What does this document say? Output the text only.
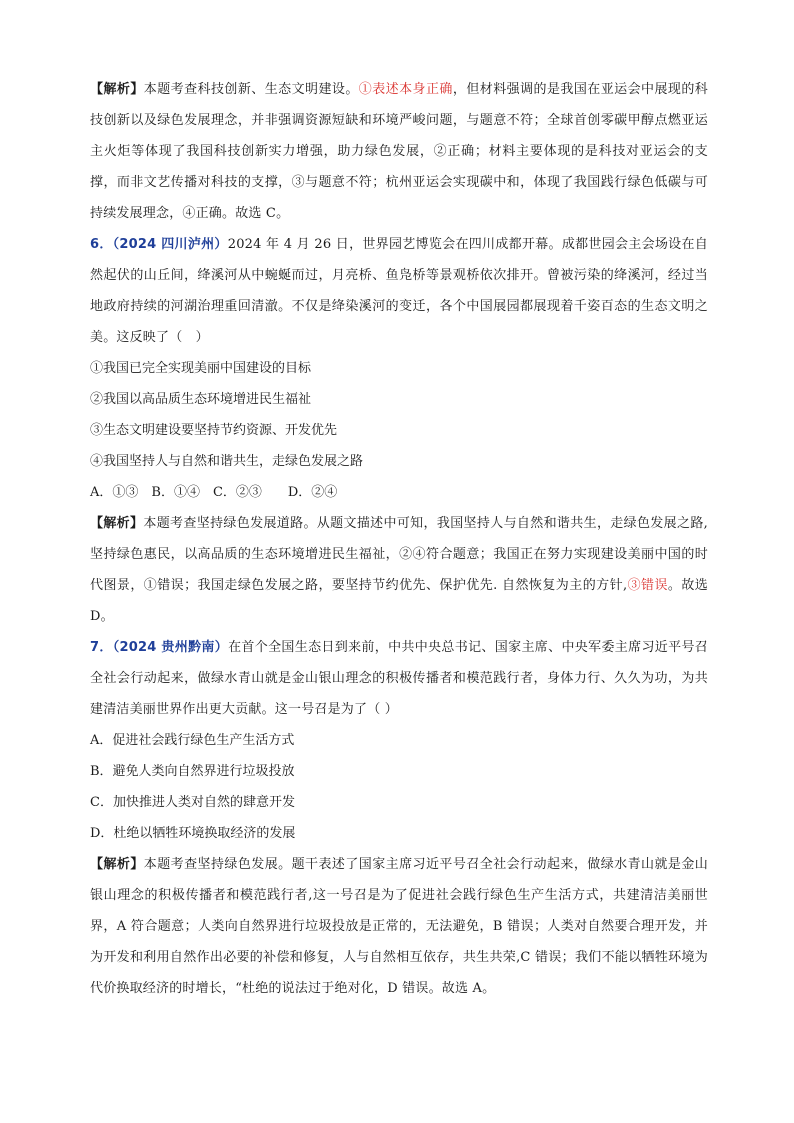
【解析】本题考查科技创新、生态文明建设。①表述本身正确，但材料强调的是我国在亚运会中展现的科技创新以及绿色发展理念，并非强调资源短缺和环境严峻问题，与题意不符；全球首创零碳甲醇点燃亚运主火炬等体现了我国科技创新实力增强，助力绿色发展，②正确；材料主要体现的是科技对亚运会的支撑，而非文艺传播对科技的支撑，③与题意不符；杭州亚运会实现碳中和，体现了我国践行绿色低碳与可持续发展理念，④正确。故选 C。

6．（2024 四川泸州）2024 年 4 月 26 日，世界园艺博览会在四川成都开幕。成都世园会主会场设在自然起伏的山丘间，绛溪河从中蜿蜒而过，月亮桥、鱼凫桥等景观桥依次排开。曾被污染的绛溪河，经过当地政府持续的河湖治理重回清澈。不仅是绛染溪河的变迁，各个中国展园都展现着千姿百态的生态文明之美。这反映了（　）

①我国已完全实现美丽中国建设的目标

②我国以高品质生态环境增进民生福祉

③生态文明建设要坚持节约资源、开发优先

④我国坚持人与自然和谐共生，走绿色发展之路

A．①③　B．①④　C．②③　　D．②④

【解析】本题考查坚持绿色发展道路。从题文描述中可知，我国坚持人与自然和谐共生，走绿色发展之路,坚持绿色惠民，以高品质的生态环境增进民生福祉，②④符合题意；我国正在努力实现建设美丽中国的时代图景，①错误；我国走绿色发展之路，要坚持节约优先、保护优先. 自然恢复为主的方针,③错误。故选 D。

7．（2024 贵州黔南）在首个全国生态日到来前，中共中央总书记、国家主席、中央军委主席习近平号召全社会行动起来，做绿水青山就是金山银山理念的积极传播者和模范践行者，身体力行、久久为功，为共建清洁美丽世界作出更大贡献。这一号召是为了（ ）

A．促进社会践行绿色生产生活方式

B．避免人类向自然界进行垃圾投放

C．加快推进人类对自然的肆意开发

D．杜绝以牺牲环境换取经济的发展

【解析】本题考查坚持绿色发展。题干表述了国家主席习近平号召全社会行动起来，做绿水青山就是金山银山理念的积极传播者和模范践行者,这一号召是为了促进社会践行绿色生产生活方式，共建清洁美丽世界，A 符合题意；人类向自然界进行垃圾投放是正常的，无法避免，B 错误；人类对自然要合理开发，并为开发和利用自然作出必要的补偿和修复，人与自然相互依存，共生共荣,C 错误；我们不能以牺牲环境为代价换取经济的时增长，“杜绝的说法过于绝对化，D 错误。故选 A。
